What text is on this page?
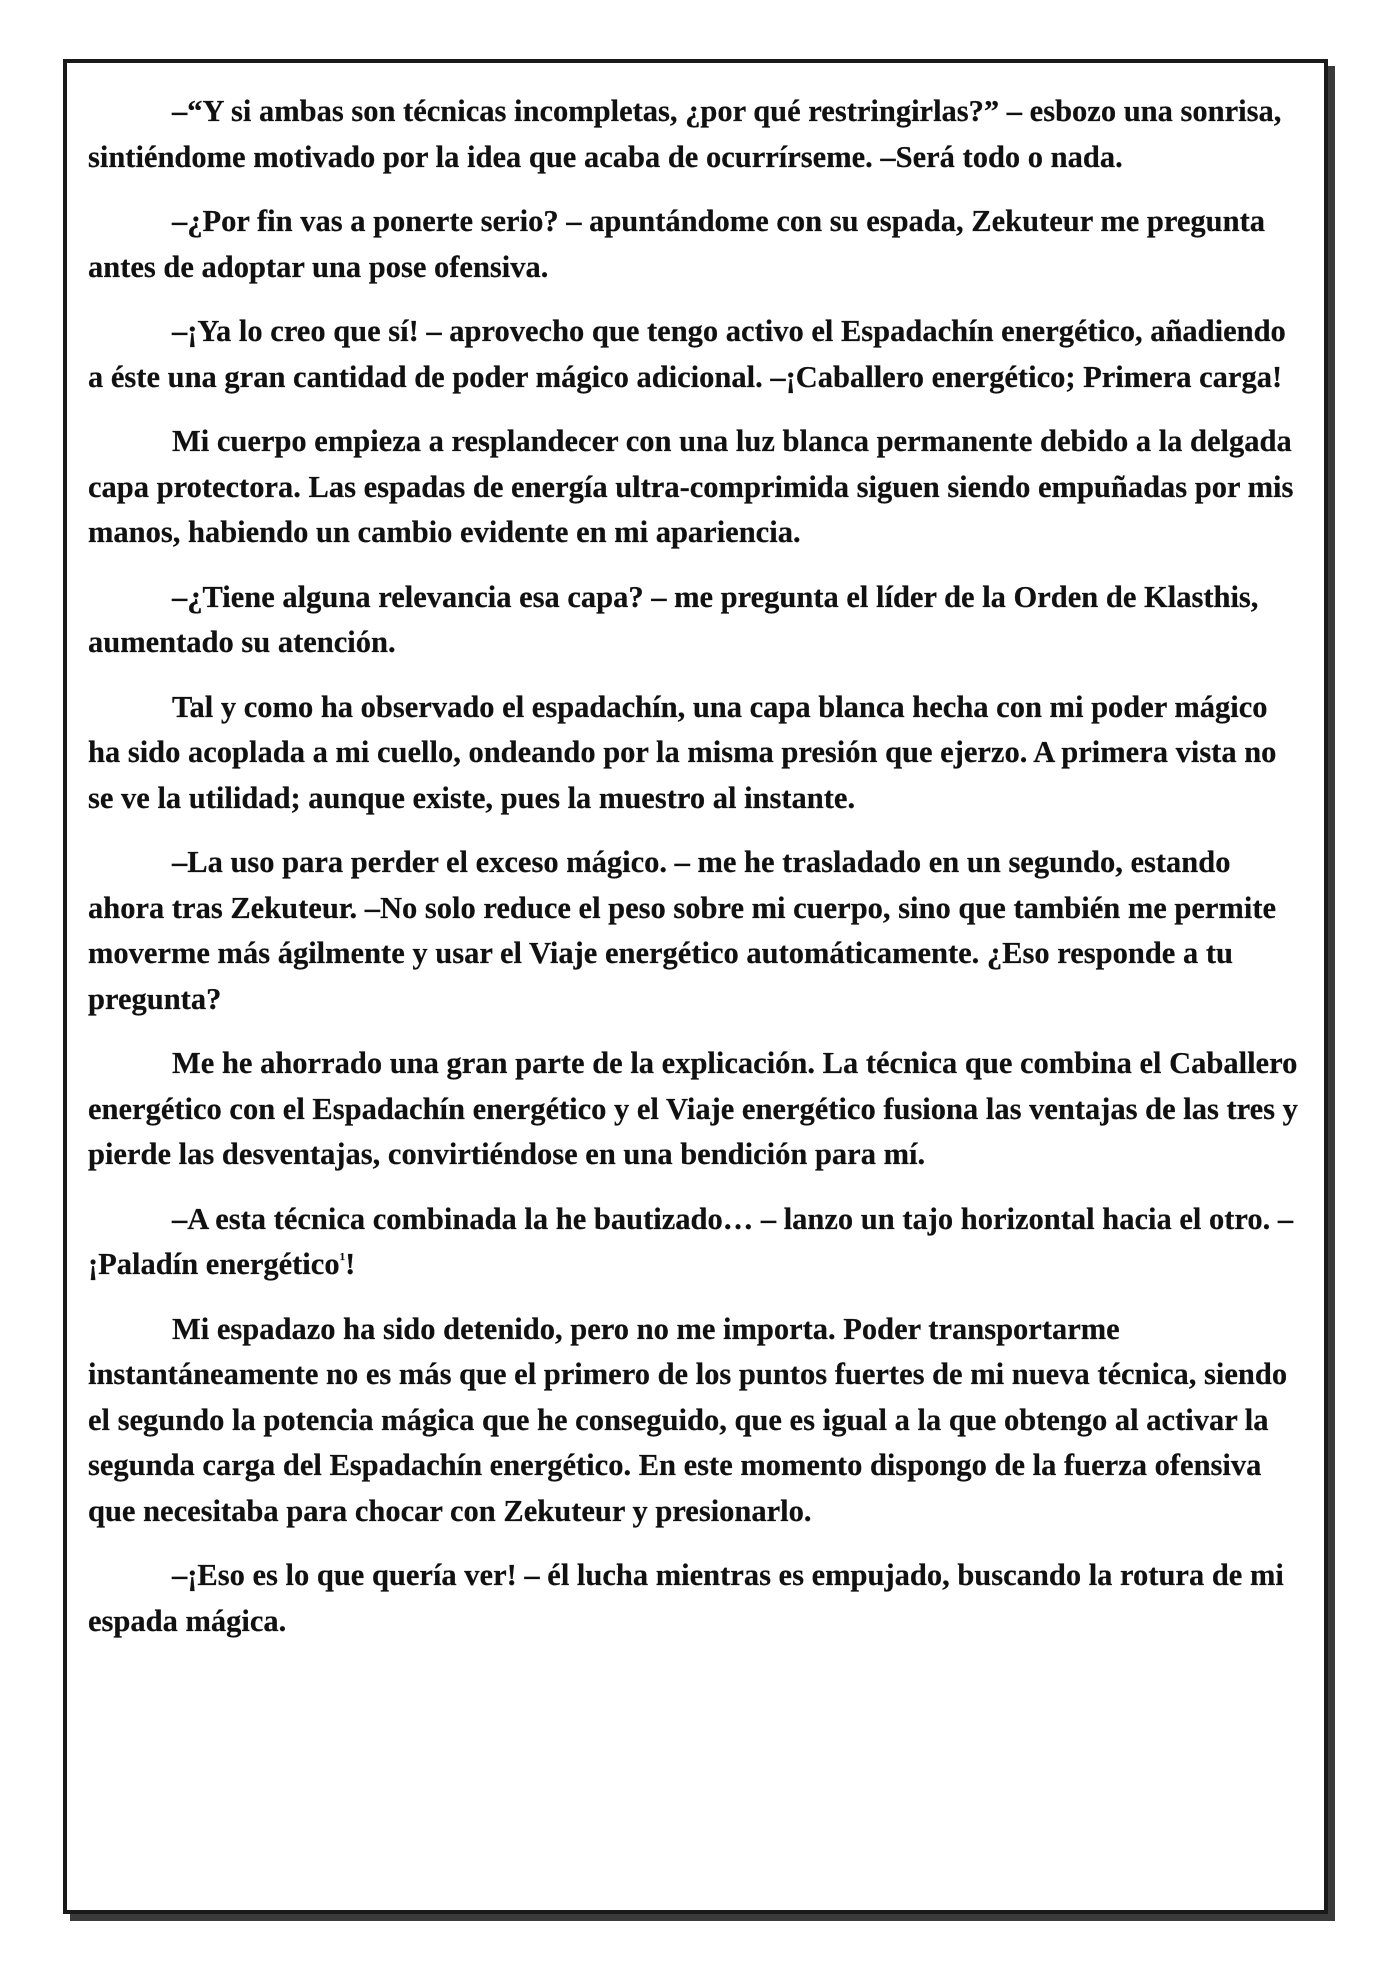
–“Y si ambas son técnicas incompletas, ¿por qué restringirlas?” – esbozo una sonrisa, sintiéndome motivado por la idea que acaba de ocurrírseme. –Será todo o nada.

–¿Por fin vas a ponerte serio? – apuntándome con su espada, Zekuteur me pregunta antes de adoptar una pose ofensiva.

–¡Ya lo creo que sí! – aprovecho que tengo activo el Espadachín energético, añadiendo a éste una gran cantidad de poder mágico adicional. –¡Caballero energético; Primera carga!

Mi cuerpo empieza a resplandecer con una luz blanca permanente debido a la delgada capa protectora. Las espadas de energía ultra-comprimida siguen siendo empuñadas por mis manos, habiendo un cambio evidente en mi apariencia.

–¿Tiene alguna relevancia esa capa? – me pregunta el líder de la Orden de Klasthis, aumentado su atención.

Tal y como ha observado el espadachín, una capa blanca hecha con mi poder mágico ha sido acoplada a mi cuello, ondeando por la misma presión que ejerzo. A primera vista no se ve la utilidad; aunque existe, pues la muestro al instante.

–La uso para perder el exceso mágico. – me he trasladado en un segundo, estando ahora tras Zekuteur. –No solo reduce el peso sobre mi cuerpo, sino que también me permite moverme más ágilmente y usar el Viaje energético automáticamente. ¿Eso responde a tu pregunta?

Me he ahorrado una gran parte de la explicación. La técnica que combina el Caballero energético con el Espadachín energético y el Viaje energético fusiona las ventajas de las tres y pierde las desventajas, convirtiéndose en una bendición para mí.

–A esta técnica combinada la he bautizado… – lanzo un tajo horizontal hacia el otro. –¡Paladín energético$^1$!

Mi espadazo ha sido detenido, pero no me importa. Poder transportarme instantáneamente no es más que el primero de los puntos fuertes de mi nueva técnica, siendo el segundo la potencia mágica que he conseguido, que es igual a la que obtengo al activar la segunda carga del Espadachín energético. En este momento dispongo de la fuerza ofensiva que necesitaba para chocar con Zekuteur y presionarlo.

–¡Eso es lo que quería ver! – él lucha mientras es empujado, buscando la rotura de mi espada mágica.
